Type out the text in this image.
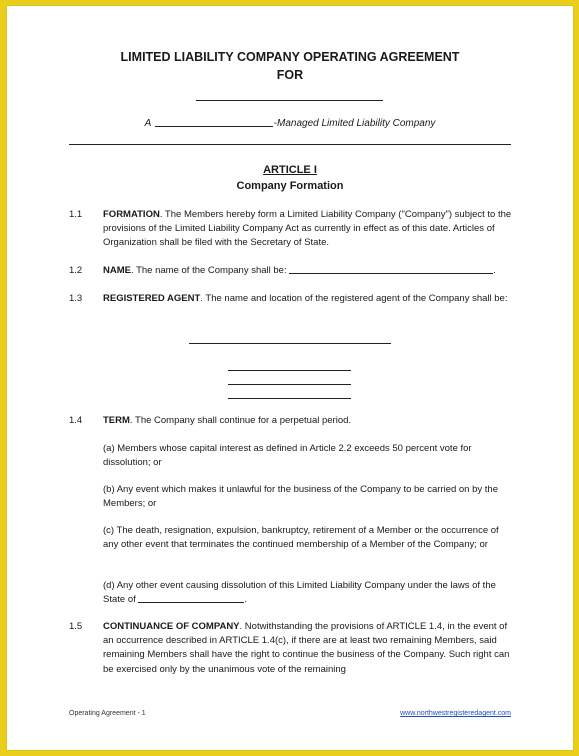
LIMITED LIABILITY COMPANY OPERATING AGREEMENT
FOR
A	-Managed Limited Liability Company
ARTICLE I
Company Formation
1.1 FORMATION. The Members hereby form a Limited Liability Company ("Company") subject to the provisions of the Limited Liability Company Act as currently in effect as of this date. Articles of Organization shall be filed with the Secretary of State.
1.2 NAME. The name of the Company shall be:	.
1.3 REGISTERED AGENT. The name and location of the registered agent of the Company shall be:
1.4 TERM. The Company shall continue for a perpetual period.
(a) Members whose capital interest as defined in Article 2.2 exceeds 50 percent vote for dissolution; or
(b) Any event which makes it unlawful for the business of the Company to be carried on by the Members; or
(c) The death, resignation, expulsion, bankruptcy, retirement of a Member or the occurrence of any other event that terminates the continued membership of a Member of the Company; or
(d) Any other event causing dissolution of this Limited Liability Company under the laws of the State of	.
1.5 CONTINUANCE OF COMPANY. Notwithstanding the provisions of ARTICLE 1.4, in the event of an occurrence described in ARTICLE 1.4(c), if there are at least two remaining Members, said remaining Members shall have the right to continue the business of the Company. Such right can be exercised only by the unanimous vote of the remaining
Operating Agreement - 1	www.northwestregisteredagent.com
